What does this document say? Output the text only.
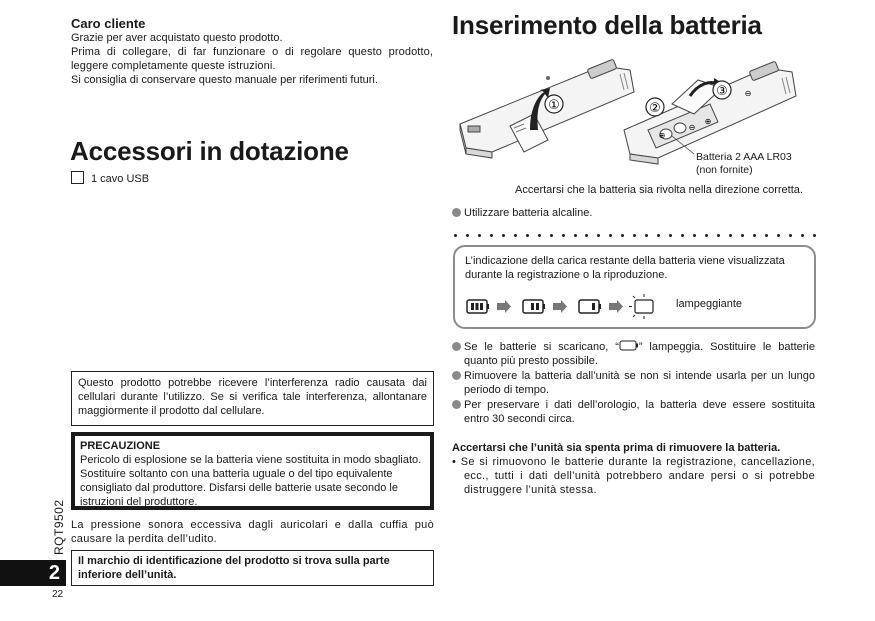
Caro cliente
Grazie per aver acquistato questo prodotto.
Prima di collegare, di far funzionare o di regolare questo prodotto, leggere completamente queste istruzioni.
Si consiglia di conservare questo manuale per riferimenti futuri.
Accessori in dotazione
1 cavo USB
Questo prodotto potrebbe ricevere l’interferenza radio causata dai cellulari durante l’utilizzo. Se si verifica tale interferenza, allontanare maggiormente il prodotto dal cellulare.
PRECAUZIONE
Pericolo di esplosione se la batteria viene sostituita in modo sbagliato. Sostituire soltanto con una batteria uguale o del tipo equivalente consigliato dal produttore. Disfarsi delle batterie usate secondo le istruzioni del produttore.
La pressione sonora eccessiva dagli auricolari e dalla cuffia può causare la perdita dell’udito.
Il marchio di identificazione del prodotto si trova sulla parte inferiore dell’unità.
RQT9502
2
22
Inserimento della batteria
①
⊕
⊖
⊕
⊖
②
③
Batteria 2 AAA LR03
(non fornite)
Accertarsi che la batteria sia rivolta nella direzione corretta.
Utilizzare batteria alcaline.
L’indicazione della carica restante della batteria viene visualizzata durante la registrazione o la riproduzione.
lampeggiante
Se le batterie si scaricano, “ ” lampeggia. Sostituire le batterie quanto più presto possibile.
Rimuovere la batteria dall’unità se non si intende usarla per un lungo periodo di tempo.
Per preservare i dati dell’orologio, la batteria deve essere sostituita entro 30 secondi circa.
Accertarsi che l’unità sia spenta prima di rimuovere la batteria.
• Se si rimuovono le batterie durante la registrazione, cancellazione, ecc., tutti i dati dell’unità potrebbero andare persi o si potrebbe distruggere l’unità stessa.
